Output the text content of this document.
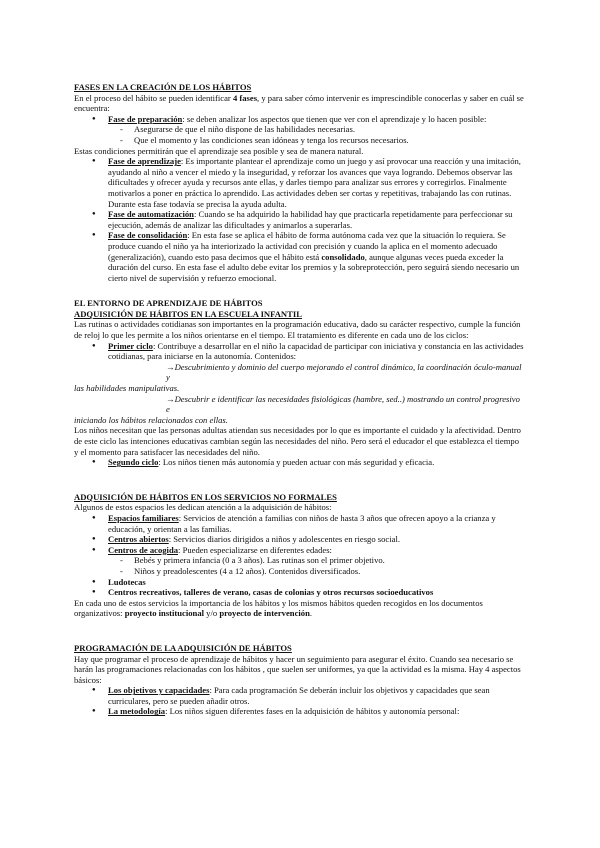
FASES EN LA CREACIÓN DE LOS HÁBITOS

En el proceso del hábito se pueden identificar 4 fases, y para saber cómo intervenir es imprescindible conocerlas y saber en cuál se encuentra:

● Fase de preparación: se deben analizar los aspectos que tienen que ver con el aprendizaje y lo hacen posible:
- Asegurarse de que el niño dispone de las habilidades necesarias.
- Que el momento y las condiciones sean idóneas y tenga los recursos necesarios.

Estas condiciones permitirán que el aprendizaje sea posible y sea de manera natural.

● Fase de aprendizaje: Es importante plantear el aprendizaje como un juego y así provocar una reacción y una imitación, ayudando al niño a vencer el miedo y la inseguridad, y reforzar los avances que vaya logrando. Debemos observar las dificultades y ofrecer ayuda y recursos ante ellas, y darles tiempo para analizar sus errores y corregirlos. Finalmente motivarlos a poner en práctica lo aprendido. Las actividades deben ser cortas y repetitivas, trabajando las con rutinas. Durante esta fase todavía se precisa la ayuda adulta.
● Fase de automatización: Cuando se ha adquirido la habilidad hay que practicarla repetidamente para perfeccionar su ejecución, además de analizar las dificultades y animarlos a superarlas.
● Fase de consolidación: En esta fase se aplica el hábito de forma autónoma cada vez que la situación lo requiera. Se produce cuando el niño ya ha interiorizado la actividad con precisión y cuando la aplica en el momento adecuado (generalización), cuando esto pasa decimos que el hábito está consolidado, aunque algunas veces pueda exceder la duración del curso. En esta fase el adulto debe evitar los premios y la sobreprotección, pero seguirá siendo necesario un cierto nivel de supervisión y refuerzo emocional.
EL ENTORNO DE APRENDIZAJE DE HÁBITOS
ADQUISICIÓN DE HÁBITOS EN LA ESCUELA INFANTIL

Las rutinas o actividades cotidianas son importantes en la programación educativa, dado su carácter respectivo, cumple la función de reloj lo que les permite a los niños orientarse en el tiempo. El tratamiento es diferente en cada uno de los ciclos:

● Primer ciclo: Contribuye a desarrollar en el niño la capacidad de participar con iniciativa y constancia en las actividades cotidianas, para iniciarse en la autonomía. Contenidos:
→Descubrimiento y dominio del cuerpo mejorando el control dinámico, la coordinación óculo-manual y
las habilidades manipulativas.
→Descubrir e identificar las necesidades fisiológicas (hambre, sed..) mostrando un control progresivo e
iniciando los hábitos relacionados con ellas.

Los niños necesitan que las personas adultas atiendan sus necesidades por lo que es importante el cuidado y la afectividad. Dentro de este ciclo las intenciones educativas cambian según las necesidades del niño. Pero será el educador el que establezca el tiempo y el momento para satisfacer las necesidades del niño.

● Segundo ciclo: Los niños tienen más autonomía y pueden actuar con más seguridad y eficacia.
ADQUISICIÓN DE HÁBITOS EN LOS SERVICIOS NO FORMALES

Algunos de estos espacios les dedican atención a la adquisición de hábitos:

● Espacios familiares: Servicios de atención a familias con niños de hasta 3 años que ofrecen apoyo a la crianza y educación, y orientan a las familias.
● Centros abiertos: Servicios diarios dirigidos a niños y adolescentes en riesgo social.
● Centros de acogida: Pueden especializarse en diferentes edades:
- Bebés y primera infancia (0 a 3 años). Las rutinas son el primer objetivo.
- Niños y preadolescentes (4 a 12 años). Contenidos diversificados.
● Ludotecas
● Centros recreativos, talleres de verano, casas de colonias y otros recursos socioeducativos

En cada uno de estos servicios la importancia de los hábitos y los mismos hábitos queden recogidos en los documentos organizativos: proyecto institucional y/o proyecto de intervención.

PROGRAMACIÓN DE LA ADQUISICIÓN DE HÁBITOS

Hay que programar el proceso de aprendizaje de hábitos y hacer un seguimiento para asegurar el éxito. Cuando sea necesario se harán las programaciones relacionadas con los hábitos , que suelen ser uniformes, ya que la actividad es la misma. Hay 4 aspectos básicos:

● Los objetivos y capacidades: Para cada programación Se deberán incluir los objetivos y capacidades que sean curriculares, pero se pueden añadir otros.
● La metodología: Los niños siguen diferentes fases en la adquisición de hábitos y autonomía personal:
